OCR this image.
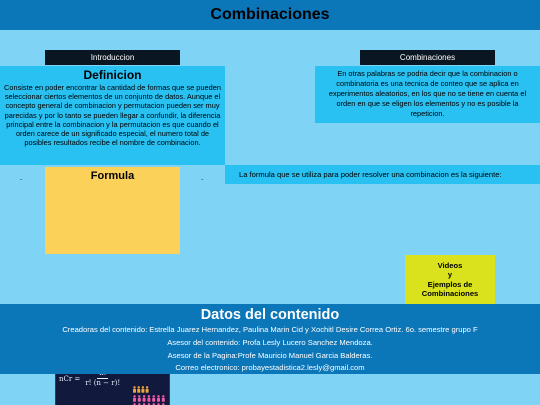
Combinaciones
Introduccion	Combinaciones
Definicion
Consiste en poder encontrar la cantidad de formas que se pueden seleccionar ciertos elementos de un conjunto de datos. Aunque el concepto general de combinacion y permutacion pueden ser muy parecidas y por lo tanto se pueden llegar a confundir, la diferencia principal entre la combinacion y la permutacion es que cuando el orden carece de un significado especial, el numero total de posibles resultados recibe el nombre de combinacion.
En otras palabras se podria decir que la combinacion o combinatoria es una tecnica de conteo que se aplica en experimentos aleatorios, en los que no se tiene en cuenta el orden en que se eligen los elementos y no es posible la repeticion.
La formula que se utiliza para poder resolver una combinacion es la siguiente:
.	.
Formula
nCr =
r! (n − r)!
Videos
y
Ejemplos de
Combinaciones
Datos del contenido
Creadoras del contenido: Estrella Juarez Hernandez, Paulina Marin Cid y Xochitl Desire Correa Ortiz. 6o. semestre grupo F
Asesor del contenido: Profa Lesly Lucero Sanchez Mendoza.
Asesor de la Pagina:Profe Mauricio Manuel Garcia Balderas.
Correo electronico: probayestadistica2.lesly@gmail.com
